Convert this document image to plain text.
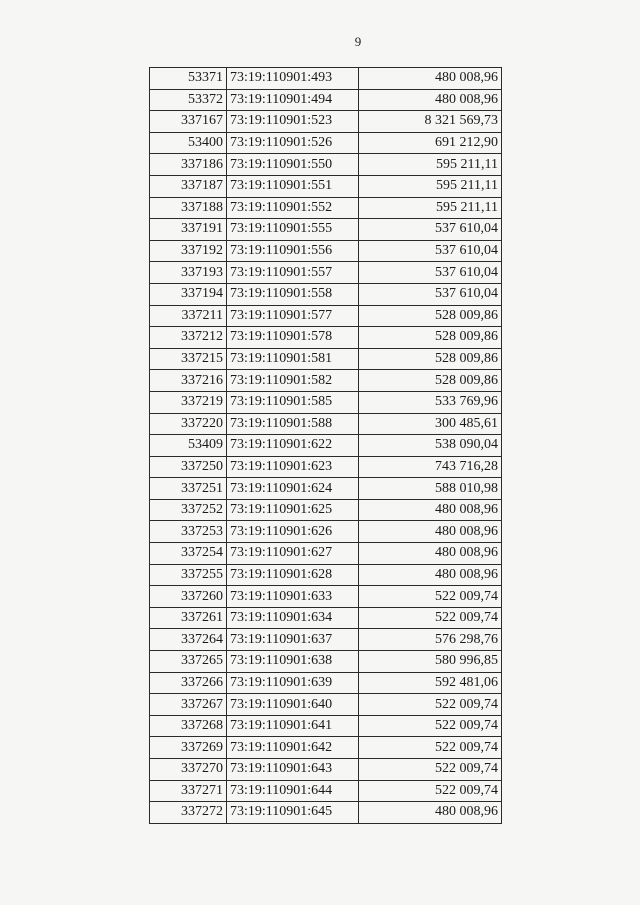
9
53371	73:19:110901:493	480 008,96
53372	73:19:110901:494	480 008,96
337167	73:19:110901:523	8 321 569,73
53400	73:19:110901:526	691 212,90
337186	73:19:110901:550	595 211,11
337187	73:19:110901:551	595 211,11
337188	73:19:110901:552	595 211,11
337191	73:19:110901:555	537 610,04
337192	73:19:110901:556	537 610,04
337193	73:19:110901:557	537 610,04
337194	73:19:110901:558	537 610,04
337211	73:19:110901:577	528 009,86
337212	73:19:110901:578	528 009,86
337215	73:19:110901:581	528 009,86
337216	73:19:110901:582	528 009,86
337219	73:19:110901:585	533 769,96
337220	73:19:110901:588	300 485,61
53409	73:19:110901:622	538 090,04
337250	73:19:110901:623	743 716,28
337251	73:19:110901:624	588 010,98
337252	73:19:110901:625	480 008,96
337253	73:19:110901:626	480 008,96
337254	73:19:110901:627	480 008,96
337255	73:19:110901:628	480 008,96
337260	73:19:110901:633	522 009,74
337261	73:19:110901:634	522 009,74
337264	73:19:110901:637	576 298,76
337265	73:19:110901:638	580 996,85
337266	73:19:110901:639	592 481,06
337267	73:19:110901:640	522 009,74
337268	73:19:110901:641	522 009,74
337269	73:19:110901:642	522 009,74
337270	73:19:110901:643	522 009,74
337271	73:19:110901:644	522 009,74
337272	73:19:110901:645	480 008,96
